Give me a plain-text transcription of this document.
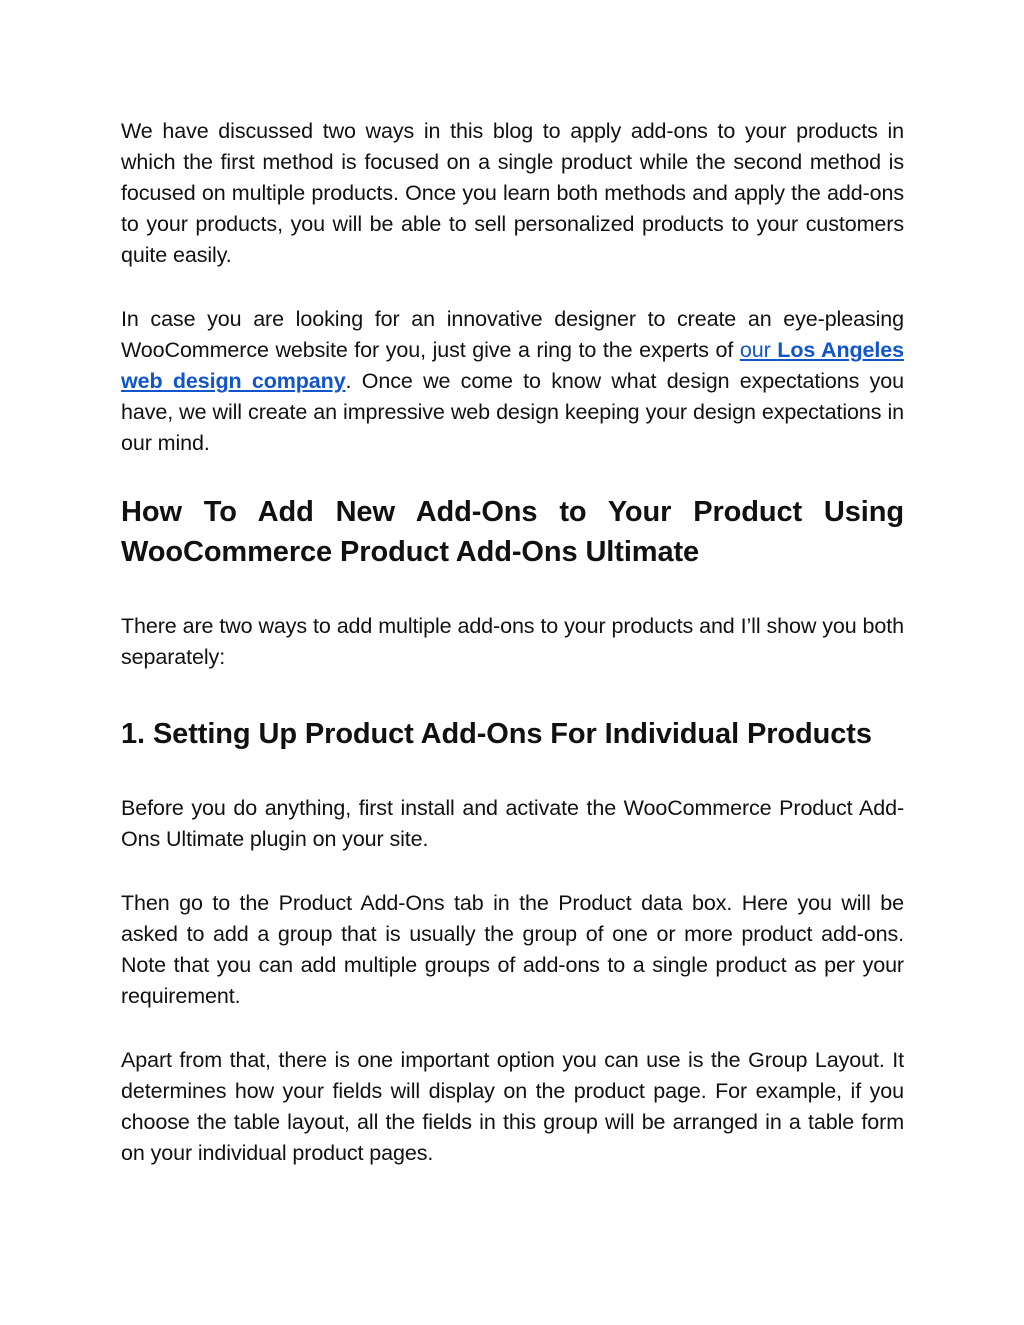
We have discussed two ways in this blog to apply add-ons to your products in which the first method is focused on a single product while the second method is focused on multiple products. Once you learn both methods and apply the add-ons to your products, you will be able to sell personalized products to your customers quite easily.

In case you are looking for an innovative designer to create an eye-pleasing WooCommerce website for you, just give a ring to the experts of our Los Angeles web design company. Once we come to know what design expectations you have, we will create an impressive web design keeping your design expectations in our mind.

How To Add New Add-Ons to Your Product Using WooCommerce Product Add-Ons Ultimate

There are two ways to add multiple add-ons to your products and I’ll show you both separately:

1. Setting Up Product Add-Ons For Individual Products

Before you do anything, first install and activate the WooCommerce Product Add-Ons Ultimate plugin on your site.

Then go to the Product Add-Ons tab in the Product data box. Here you will be asked to add a group that is usually the group of one or more product add-ons. Note that you can add multiple groups of add-ons to a single product as per your requirement.

Apart from that, there is one important option you can use is the Group Layout. It determines how your fields will display on the product page. For example, if you choose the table layout, all the fields in this group will be arranged in a table form on your individual product pages.
